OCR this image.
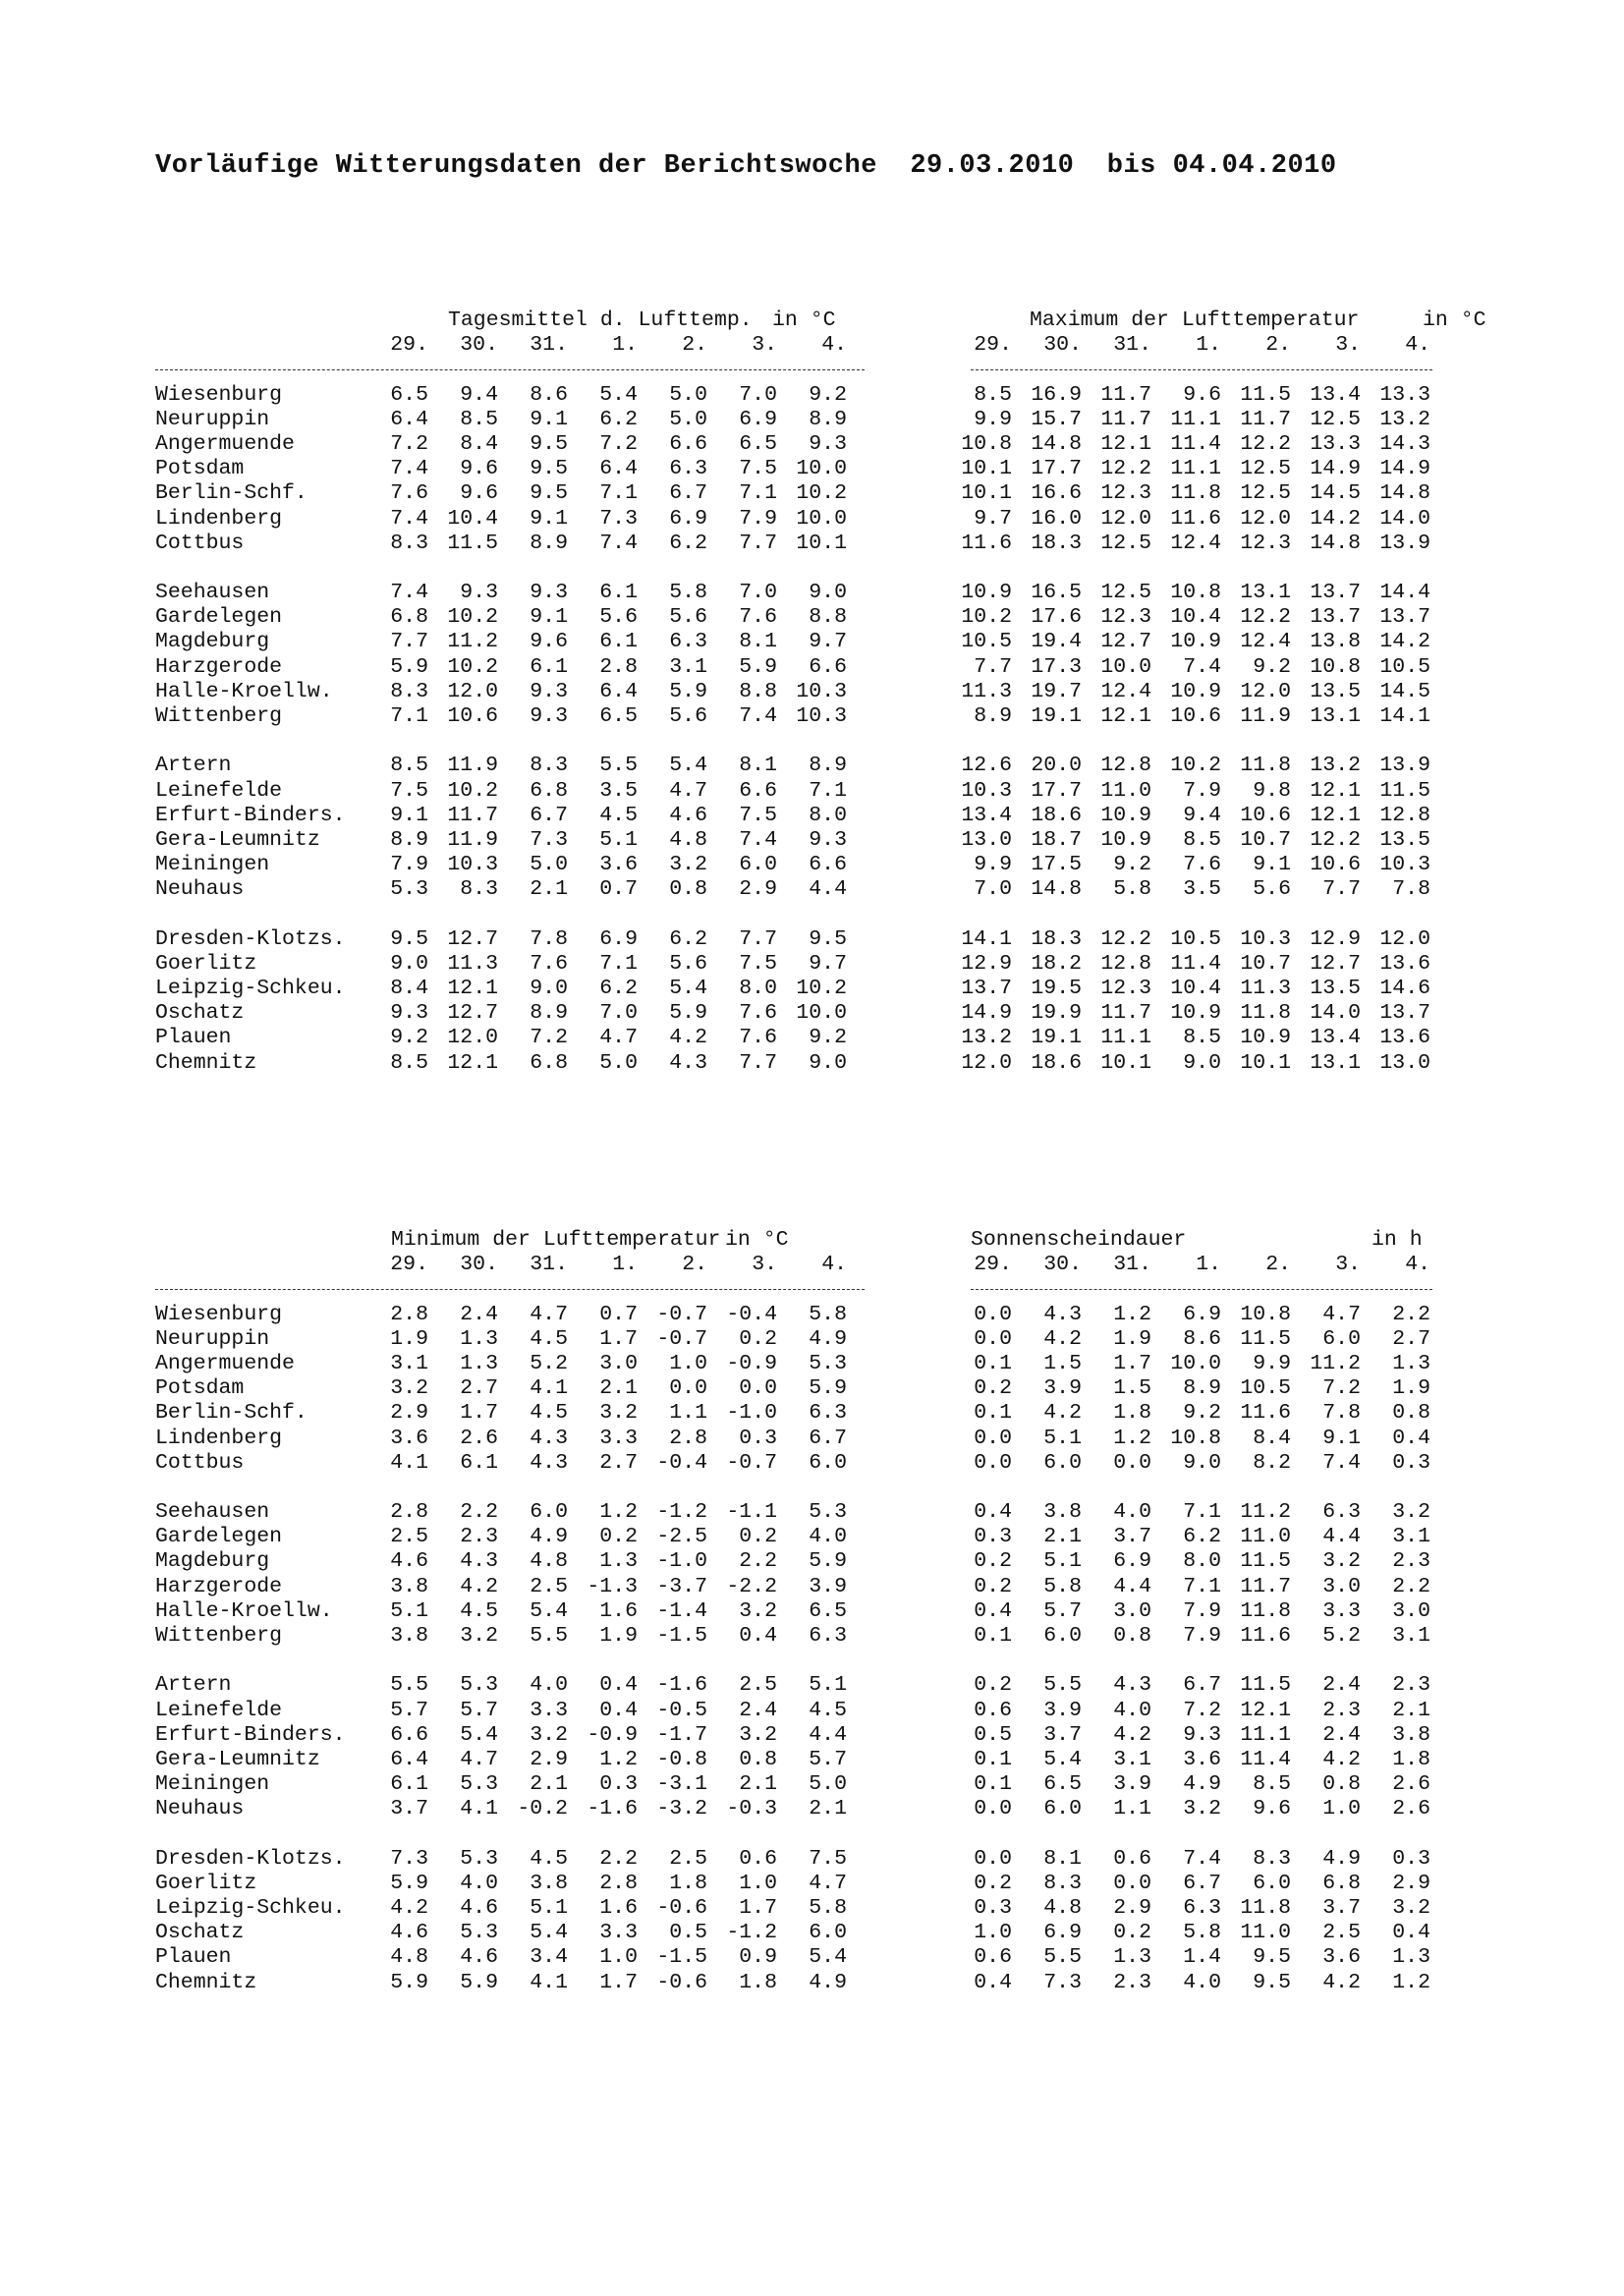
Vorläufige Witterungsdaten der Berichtswoche  29.03.2010  bis 04.04.2010
Tagesmittel d. Lufttemp. in °C	Maximum der Lufttemperatur	in °C
29.	30.	31.	1.	2.	3.	4.	29.	30.	31.	1.	2.	3.	4.
Wiesenburg	6.5	9.4	8.6	5.4	5.0	7.0	9.2	8.5 16.9 11.7	9.6 11.5 13.4 13.3
Neuruppin	6.4	8.5	9.1	6.2	5.0	6.9	8.9	9.9 15.7 11.7 11.1 11.7 12.5 13.2
Angermuende	7.2	8.4	9.5	7.2	6.6	6.5	9.3	10.8 14.8 12.1 11.4 12.2 13.3 14.3
Potsdam	7.4	9.6	9.5	6.4	6.3	7.5 10.0	10.1 17.7 12.2 11.1 12.5 14.9 14.9
Berlin-Schf.	7.6	9.6	9.5	7.1	6.7	7.1 10.2	10.1 16.6 12.3 11.8 12.5 14.5 14.8
Lindenberg	7.4 10.4	9.1	7.3	6.9	7.9 10.0	9.7 16.0 12.0 11.6 12.0 14.2 14.0
Cottbus	8.3 11.5	8.9	7.4	6.2	7.7 10.1	11.6 18.3 12.5 12.4 12.3 14.8 13.9
Seehausen	7.4	9.3	9.3	6.1	5.8	7.0	9.0	10.9 16.5 12.5 10.8 13.1 13.7 14.4
Gardelegen	6.8 10.2	9.1	5.6	5.6	7.6	8.8	10.2 17.6 12.3 10.4 12.2 13.7 13.7
Magdeburg	7.7 11.2	9.6	6.1	6.3	8.1	9.7	10.5 19.4 12.7 10.9 12.4 13.8 14.2
Harzgerode	5.9 10.2	6.1	2.8	3.1	5.9	6.6	7.7 17.3 10.0	7.4	9.2 10.8 10.5
Halle-Kroellw.	8.3 12.0	9.3	6.4	5.9	8.8 10.3	11.3 19.7 12.4 10.9 12.0 13.5 14.5
Wittenberg	7.1 10.6	9.3	6.5	5.6	7.4 10.3	8.9 19.1 12.1 10.6 11.9 13.1 14.1
Artern	8.5 11.9	8.3	5.5	5.4	8.1	8.9	12.6 20.0 12.8 10.2 11.8 13.2 13.9
Leinefelde	7.5 10.2	6.8	3.5	4.7	6.6	7.1	10.3 17.7 11.0	7.9	9.8 12.1 11.5
Erfurt-Binders.	9.1 11.7	6.7	4.5	4.6	7.5	8.0	13.4 18.6 10.9	9.4 10.6 12.1 12.8
Gera-Leumnitz	8.9 11.9	7.3	5.1	4.8	7.4	9.3	13.0 18.7 10.9	8.5 10.7 12.2 13.5
Meiningen	7.9 10.3	5.0	3.6	3.2	6.0	6.6	9.9 17.5	9.2	7.6	9.1 10.6 10.3
Neuhaus	5.3	8.3	2.1	0.7	0.8	2.9	4.4	7.0 14.8	5.8	3.5	5.6	7.7	7.8
Dresden-Klotzs.	9.5 12.7	7.8	6.9	6.2	7.7	9.5	14.1 18.3 12.2 10.5 10.3 12.9 12.0
Goerlitz	9.0 11.3	7.6	7.1	5.6	7.5	9.7	12.9 18.2 12.8 11.4 10.7 12.7 13.6
Leipzig-Schkeu.	8.4 12.1	9.0	6.2	5.4	8.0 10.2	13.7 19.5 12.3 10.4 11.3 13.5 14.6
Oschatz	9.3 12.7	8.9	7.0	5.9	7.6 10.0	14.9 19.9 11.7 10.9 11.8 14.0 13.7
Plauen	9.2 12.0	7.2	4.7	4.2	7.6	9.2	13.2 19.1 11.1	8.5 10.9 13.4 13.6
Chemnitz	8.5 12.1	6.8	5.0	4.3	7.7	9.0	12.0 18.6 10.1	9.0 10.1 13.1 13.0
Minimum der Lufttemperatur in °C	Sonnenscheindauer	in h
29.	30.	31.	1.	2.	3.	4.	29.	30.	31.	1.	2.	3.	4.
Wiesenburg	2.8	2.4	4.7	0.7 -0.7 -0.4	5.8	0.0	4.3	1.2	6.9 10.8	4.7	2.2
Neuruppin	1.9	1.3	4.5	1.7 -0.7	0.2	4.9	0.0	4.2	1.9	8.6 11.5	6.0	2.7
Angermuende	3.1	1.3	5.2	3.0	1.0 -0.9	5.3	0.1	1.5	1.7 10.0	9.9 11.2	1.3
Potsdam	3.2	2.7	4.1	2.1	0.0	0.0	5.9	0.2	3.9	1.5	8.9 10.5	7.2	1.9
Berlin-Schf.	2.9	1.7	4.5	3.2	1.1 -1.0	6.3	0.1	4.2	1.8	9.2 11.6	7.8	0.8
Lindenberg	3.6	2.6	4.3	3.3	2.8	0.3	6.7	0.0	5.1	1.2 10.8	8.4	9.1	0.4
Cottbus	4.1	6.1	4.3	2.7 -0.4 -0.7	6.0	0.0	6.0	0.0	9.0	8.2	7.4	0.3
Seehausen	2.8	2.2	6.0	1.2 -1.2 -1.1	5.3	0.4	3.8	4.0	7.1 11.2	6.3	3.2
Gardelegen	2.5	2.3	4.9	0.2 -2.5	0.2	4.0	0.3	2.1	3.7	6.2 11.0	4.4	3.1
Magdeburg	4.6	4.3	4.8	1.3 -1.0	2.2	5.9	0.2	5.1	6.9	8.0 11.5	3.2	2.3
Harzgerode	3.8	4.2	2.5 -1.3 -3.7 -2.2	3.9	0.2	5.8	4.4	7.1 11.7	3.0	2.2
Halle-Kroellw.	5.1	4.5	5.4	1.6 -1.4	3.2	6.5	0.4	5.7	3.0	7.9 11.8	3.3	3.0
Wittenberg	3.8	3.2	5.5	1.9 -1.5	0.4	6.3	0.1	6.0	0.8	7.9 11.6	5.2	3.1
Artern	5.5	5.3	4.0	0.4 -1.6	2.5	5.1	0.2	5.5	4.3	6.7 11.5	2.4	2.3
Leinefelde	5.7	5.7	3.3	0.4 -0.5	2.4	4.5	0.6	3.9	4.0	7.2 12.1	2.3	2.1
Erfurt-Binders.	6.6	5.4	3.2 -0.9 -1.7	3.2	4.4	0.5	3.7	4.2	9.3 11.1	2.4	3.8
Gera-Leumnitz	6.4	4.7	2.9	1.2 -0.8	0.8	5.7	0.1	5.4	3.1	3.6 11.4	4.2	1.8
Meiningen	6.1	5.3	2.1	0.3 -3.1	2.1	5.0	0.1	6.5	3.9	4.9	8.5	0.8	2.6
Neuhaus	3.7	4.1 -0.2 -1.6 -3.2 -0.3	2.1	0.0	6.0	1.1	3.2	9.6	1.0	2.6
Dresden-Klotzs.	7.3	5.3	4.5	2.2	2.5	0.6	7.5	0.0	8.1	0.6	7.4	8.3	4.9	0.3
Goerlitz	5.9	4.0	3.8	2.8	1.8	1.0	4.7	0.2	8.3	0.0	6.7	6.0	6.8	2.9
Leipzig-Schkeu.	4.2	4.6	5.1	1.6 -0.6	1.7	5.8	0.3	4.8	2.9	6.3 11.8	3.7	3.2
Oschatz	4.6	5.3	5.4	3.3	0.5 -1.2	6.0	1.0	6.9	0.2	5.8 11.0	2.5	0.4
Plauen	4.8	4.6	3.4	1.0 -1.5	0.9	5.4	0.6	5.5	1.3	1.4	9.5	3.6	1.3
Chemnitz	5.9	5.9	4.1	1.7 -0.6	1.8	4.9	0.4	7.3	2.3	4.0	9.5	4.2	1.2
